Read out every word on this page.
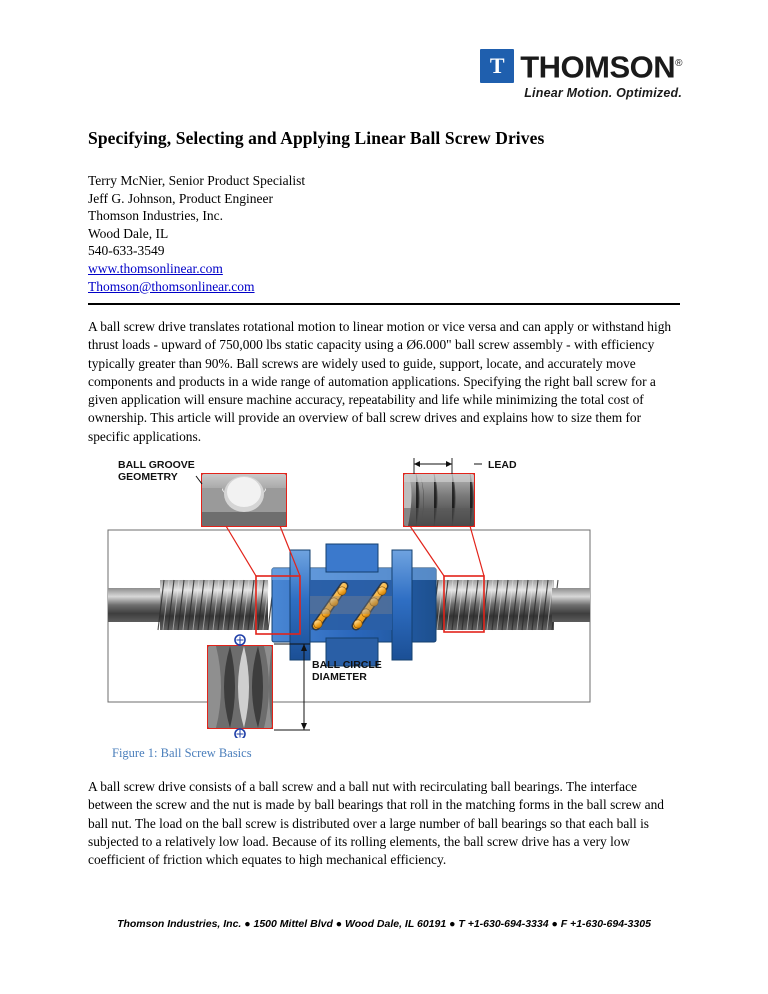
T THOMSON®
Linear Motion. Optimized.
Specifying, Selecting and Applying Linear Ball Screw Drives
Terry McNier, Senior Product Specialist
Jeff G. Johnson, Product Engineer
Thomson Industries, Inc.
Wood Dale, IL
540-633-3549
www.thomsonlinear.com
Thomson@thomsonlinear.com
A ball screw drive translates rotational motion to linear motion or vice versa and can apply or withstand high thrust loads - upward of 750,000 lbs static capacity using a Ø6.000" ball screw assembly - with efficiency typically greater than 90%. Ball screws are widely used to guide, support, locate, and accurately move components and products in a wide range of automation applications. Specifying the right ball screw for a given application will ensure machine accuracy, repeatability and life while minimizing the total cost of ownership. This article will provide an overview of ball screw drives and explains how to size them for specific applications.
BALL GROOVE
GEOMETRY
LEAD
BALL CIRCLE
DIAMETER
Figure 1: Ball Screw Basics
A ball screw drive consists of a ball screw and a ball nut with recirculating ball bearings. The interface between the screw and the nut is made by ball bearings that roll in the matching forms in the ball screw and ball nut. The load on the ball screw is distributed over a large number of ball bearings so that each ball is subjected to a relatively low load. Because of its rolling elements, the ball screw drive has a very low coefficient of friction which equates to high mechanical efficiency.
Thomson Industries, Inc. ● 1500 Mittel Blvd ● Wood Dale, IL 60191 ● T +1-630-694-3334 ● F +1-630-694-3305
